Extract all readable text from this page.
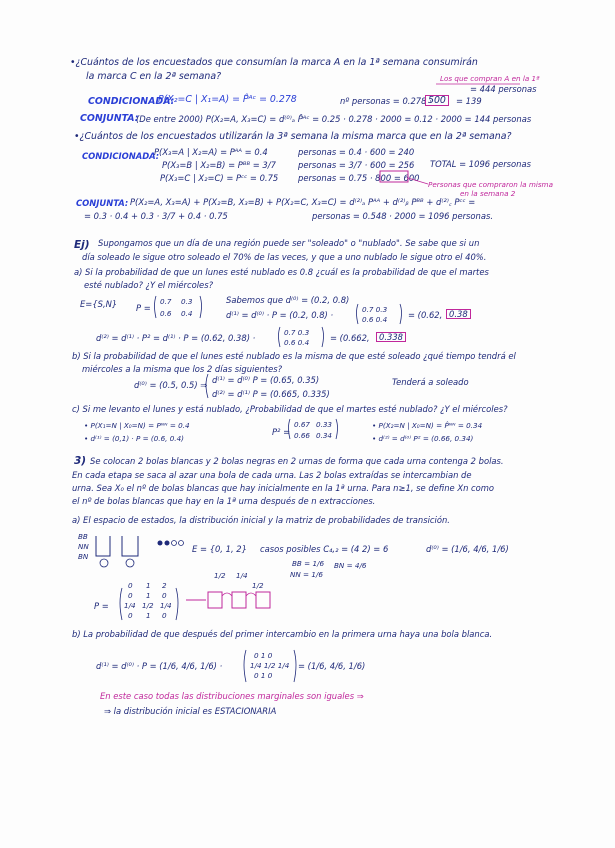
•¿Cuántos de los encuestados que consumían la marca A en la 1ª semana consumirán
la marca C en la 2ª semana?	Los que compran A en la 1ª
= 444 personas
CONDICIONADA:
P(X₂=C | X₁=A) = P̂ᴬᶜ = 0.278	nº personas = 0.278 ·
500	= 139
CONJUNTA:
(De entre 2000) P(X₂=A, X₃=C) = d⁽⁰⁾ₐ P̂ᴬᶜ = 0.25 · 0.278 · 2000 = 0.12 · 2000 = 144 personas
•¿Cuántos de los encuestados utilizarán la 3ª semana la misma marca que en la 2ª semana?
CONDICIONADA:
P(X₃=A | X₂=A) = Pᴬᴬ = 0.4
P(X₃=B | X₂=B) = Pᴮᴮ = 3/7
P(X₃=C | X₂=C) = Pᶜᶜ = 0.75
personas = 0.4 · 600 = 240
personas = 3/7 · 600 = 256
personas = 0.75 · 800 = 600
TOTAL = 1096 personas
Personas que compraron la misma
en la semana 2
CONJUNTA: P(X₂=A, X₃=A) + P(X₂=B, X₃=B) + P(X₂=C, X₃=C) = d⁽²⁾ₐ Pᴬᴬ + d⁽²⁾ᵦ Pᴮᴮ + d⁽²⁾꜀ Pᶜᶜ =
= 0.3 · 0.4 + 0.3 · 3/7 + 0.4 · 0.75	personas = 0.548 · 2000 = 1096 personas.
Ej) Supongamos que un día de una región puede ser "soleado" o "nublado". Se sabe que si un
día soleado le sigue otro soleado el 70% de las veces, y que a uno nublado le sigue otro el 40%.
a) Si la probabilidad de que un lunes esté nublado es 0.8 ¿cuál es la probabilidad de que el martes
esté nublado? ¿Y el miércoles?
E={S,N} P =
0.7 0.3
0.6 0.4
Sabemos que d⁽⁰⁾ = (0.2, 0.8)
d⁽¹⁾ = d⁽⁰⁾ · P = (0.2, 0.8) ·
0.7 0.3
0.6 0.4 = (0.62, 0.38
d⁽²⁾ = d⁽¹⁾ · P² = d⁽¹⁾ · P = (0.62, 0.38) ·
0.7 0.3
0.6 0.4 = (0.662,	0.338
b) Si la probabilidad de que el lunes esté nublado es la misma de que esté soleado ¿qué tiempo tendrá el
miércoles a la misma que los 2 días siguientes?
d⁽⁰⁾ = (0.5, 0.5) ⇒ d⁽¹⁾ = d⁽⁰⁾ P = (0.65, 0.35)
d⁽²⁾ = d⁽¹⁾ P = (0.665, 0.335)
Tenderá a soleado
c) Si me levanto el lunes y está nublado, ¿Probabilidad de que el martes esté nublado? ¿Y el miércoles?
• P(X₁=N | X₀=N) = Pᴺᴺ = 0.4
• d⁽¹⁾ = (0,1) · P = (0.6, 0.4)
P² =
0.67 0.33
0.66 0.34
• P(X₂=N | X₀=N) = P̂ᴺᴺ = 0.34
• d⁽²⁾ = d⁽⁰⁾ P² = (0.66, 0.34)
3) Se colocan 2 bolas blancas y 2 bolas negras en 2 urnas de forma que cada urna contenga 2 bolas.
En cada etapa se saca al azar una bola de cada urna. Las 2 bolas extraídas se intercambian de
urna. Sea X₀ el nº de bolas blancas que hay inicialmente en la 1ª urna. Para n≥1, se define Xn como
el nº de bolas blancas que hay en la 1ª urna después de n extracciones.
a) El espacio de estados, la distribución inicial y la matriz de probabilidades de transición.
BB
NN
BN
E = {0, 1, 2} casos posibles C₄,₂ = (4 2) = 6
BB = 1/6
NN = 1/6
BN = 4/6
d⁽⁰⁾ = (1/6, 4/6, 1/6)
P =
0 1 2
0 1 0
1/4 1/2 1/4
0 1 0
1/2 1/4
1/2
b) La probabilidad de que después del primer intercambio en la primera urna haya una bola blanca.
d⁽¹⁾ = d⁽⁰⁾ · P = (1/6, 4/6, 1/6) ·
0 1 0
1/4 1/2 1/4
0 1 0
= (1/6, 4/6, 1/6)
En este caso todas las distribuciones marginales son iguales ⇒
⇒ la distribución inicial es ESTACIONARIA
